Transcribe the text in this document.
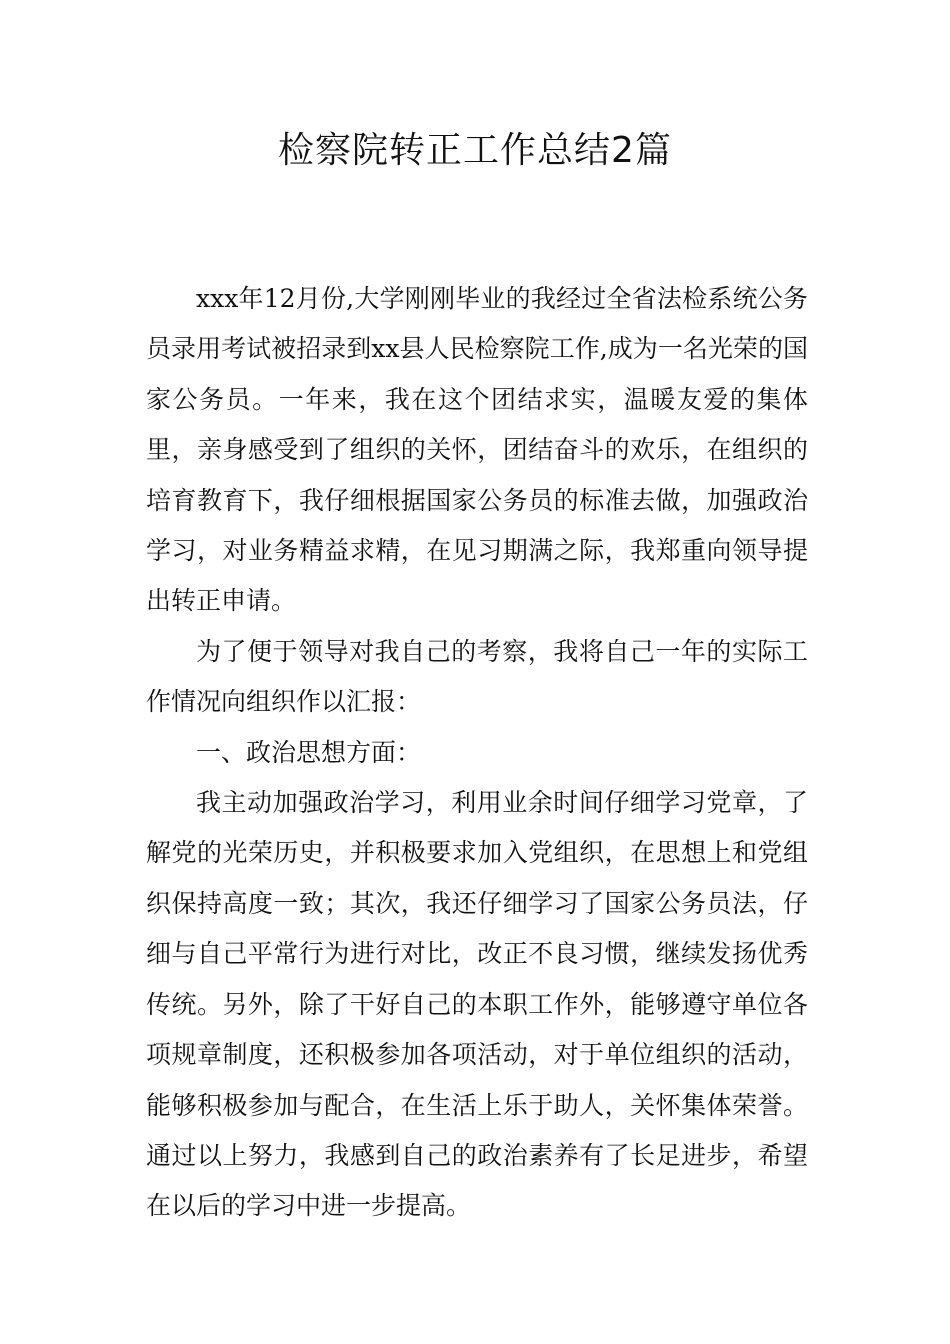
检察院转正工作总结2篇

xxx年12月份,大学刚刚毕业的我经过全省法检系统公务员录用考试被招录到xx县人民检察院工作,成为一名光荣的国家公务员。一年来，我在这个团结求实，温暖友爱的集体里，亲身感受到了组织的关怀，团结奋斗的欢乐，在组织的培育教育下，我仔细根据国家公务员的标准去做，加强政治学习，对业务精益求精，在见习期满之际，我郑重向领导提出转正申请。

为了便于领导对我自己的考察，我将自己一年的实际工作情况向组织作以汇报：

一、政治思想方面：

我主动加强政治学习，利用业余时间仔细学习党章，了解党的光荣历史，并积极要求加入党组织，在思想上和党组织保持高度一致；其次，我还仔细学习了国家公务员法，仔细与自己平常行为进行对比，改正不良习惯，继续发扬优秀传统。另外，除了干好自己的本职工作外，能够遵守单位各项规章制度，还积极参加各项活动，对于单位组织的活动，能够积极参加与配合，在生活上乐于助人，关怀集体荣誉。通过以上努力，我感到自己的政治素养有了长足进步，希望在以后的学习中进一步提高。
